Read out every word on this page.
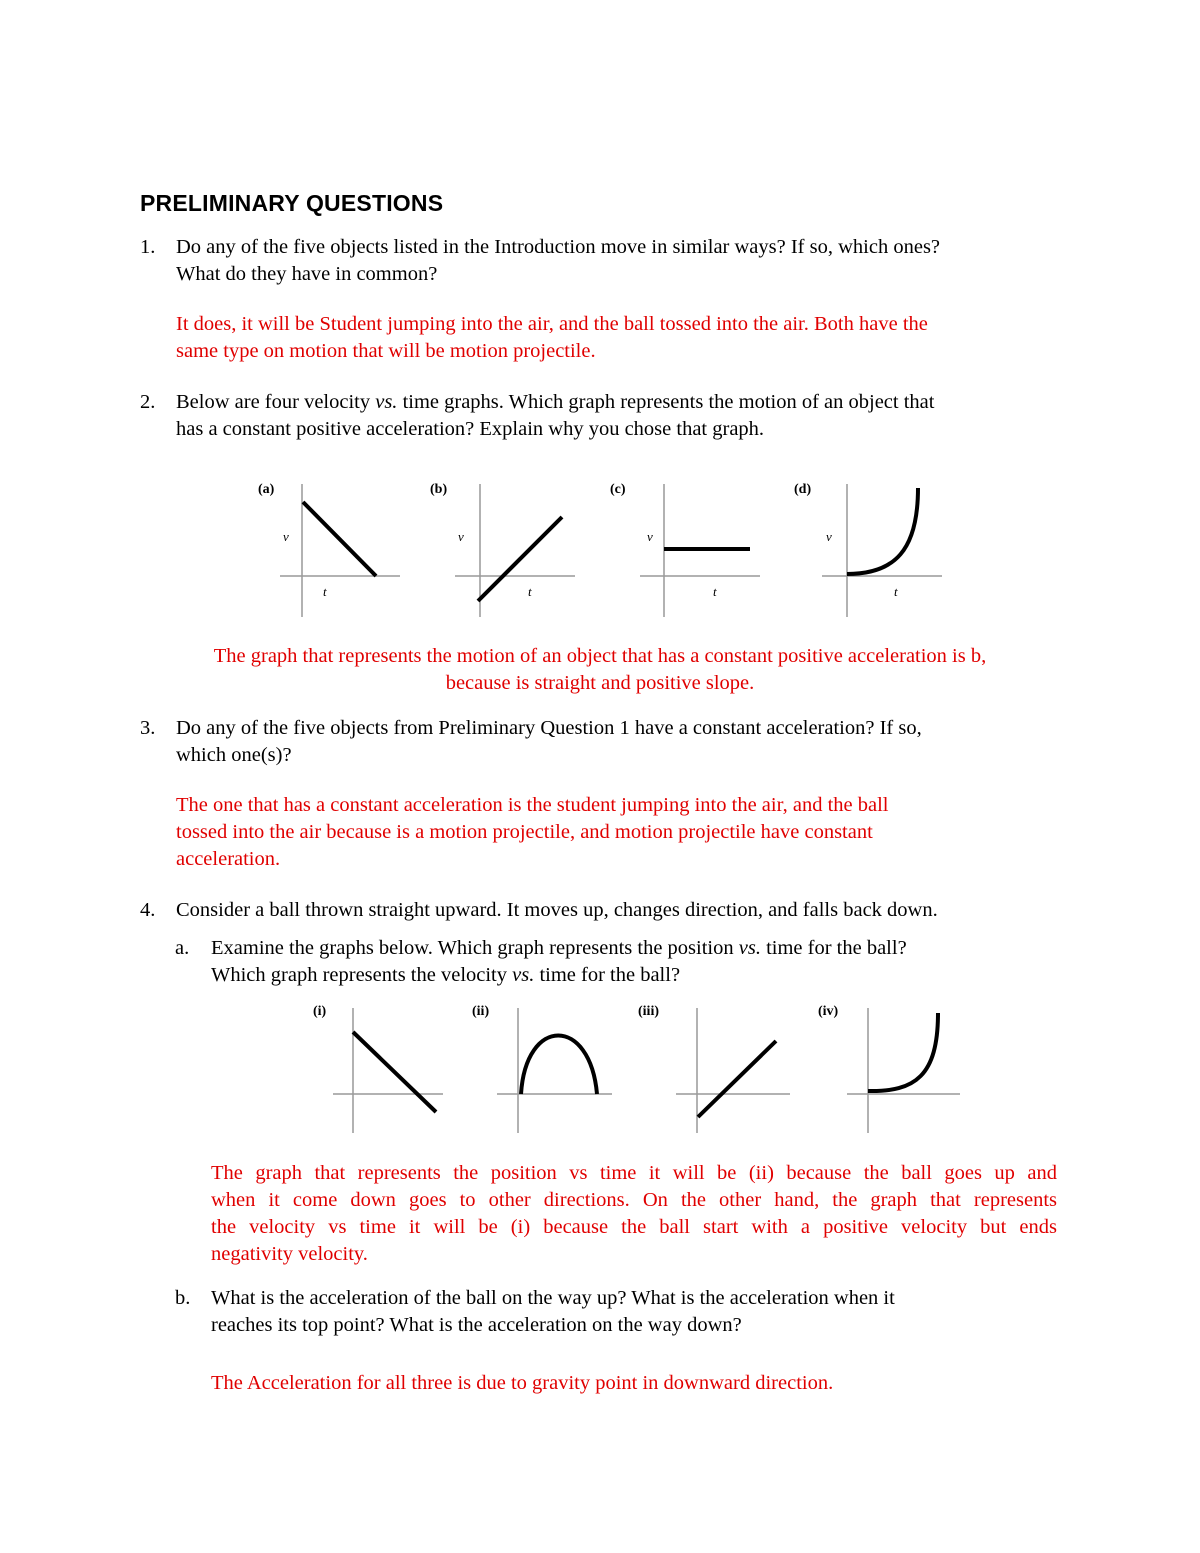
PRELIMINARY QUESTIONS
1.	Do any of the five objects listed in the Introduction move in similar ways? If so, which ones?
What do they have in common?
It does, it will be Student jumping into the air, and the ball tossed into the air. Both have the
same type on motion that will be motion projectile.
2.	Below are four velocity vs. time graphs. Which graph represents the motion of an object that
has a constant positive acceleration? Explain why you chose that graph.
(a)
v
t
(b)
v
t
(c)
v
t
(d)
v
t
The graph that represents the motion of an object that has a constant positive acceleration is b,
because is straight and positive slope.
3.	Do any of the five objects from Preliminary Question 1 have a constant acceleration? If so,
which one(s)?
The one that has a constant acceleration is the student jumping into the air, and the ball
tossed into the air because is a motion projectile, and motion projectile have constant
acceleration.
4.	Consider a ball thrown straight upward. It moves up, changes direction, and falls back down.
a.	Examine the graphs below. Which graph represents the position vs. time for the ball?
Which graph represents the velocity vs. time for the ball?
(i)	(ii)	(iii)	(iv)
The graph that represents the position vs time it will be (ii) because the ball goes up and
when it come down goes to other directions. On the other hand, the graph that represents
the velocity vs time it will be (i) because the ball start with a positive velocity but ends
negativity velocity.
b.	What is the acceleration of the ball on the way up? What is the acceleration when it
reaches its top point? What is the acceleration on the way down?
The Acceleration for all three is due to gravity point in downward direction.
